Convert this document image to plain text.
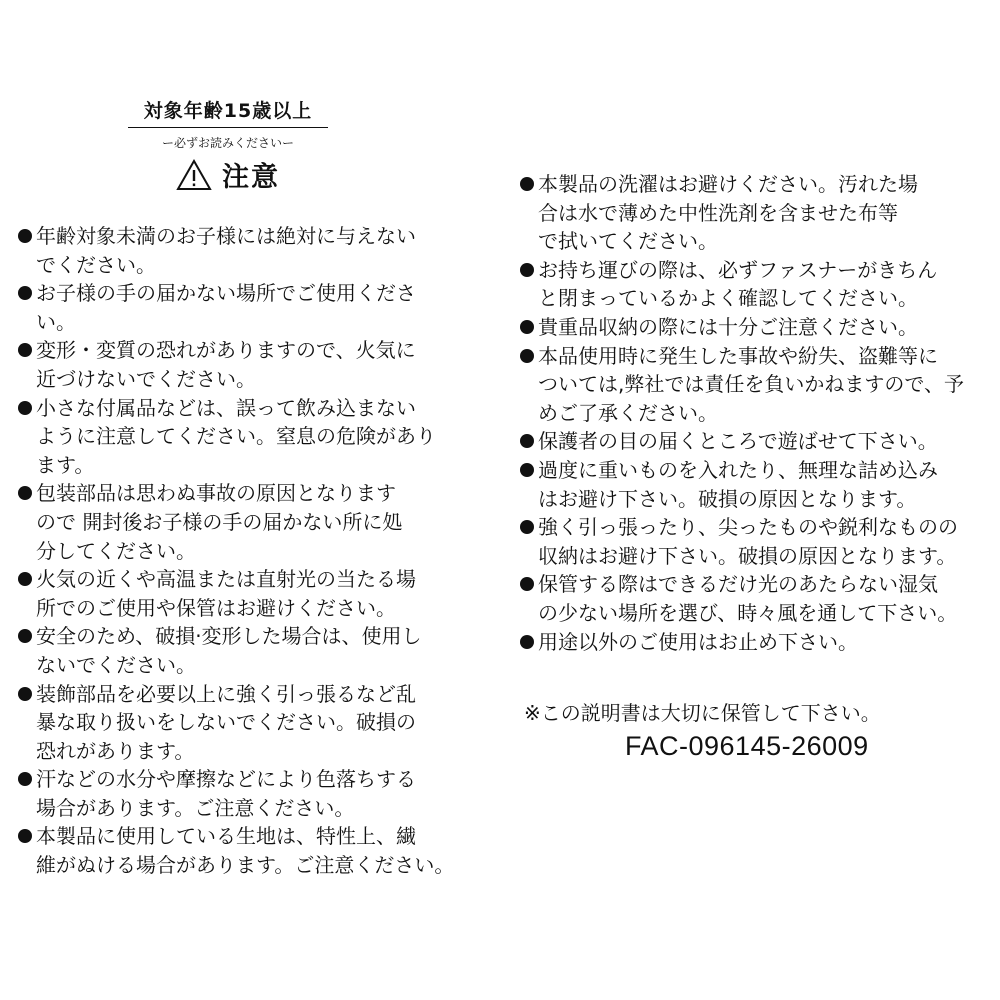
対象年齢15歳以上
ー必ずお読みくださいー
注意
年齢対象未満のお子様には絶対に与えない
でください。
お子様の手の届かない場所でご使用くださ
い。
変形・変質の恐れがありますので、火気に
近づけないでください。
小さな付属品などは、誤って飲み込まない
ように注意してください。窒息の危険があり
ます。
包装部品は思わぬ事故の原因となります
ので 開封後お子様の手の届かない所に処
分してください。
火気の近くや高温または直射光の当たる場
所でのご使用や保管はお避けください。
安全のため、破損·変形した場合は、使用し
ないでください。
装飾部品を必要以上に強く引っ張るなど乱
暴な取り扱いをしないでください。破損の
恐れがあります。
汗などの水分や摩擦などにより色落ちする
場合があります。ご注意ください。
本製品に使用している生地は、特性上、繊
維がぬける場合があります。ご注意ください。
本製品の洗濯はお避けください。汚れた場
合は水で薄めた中性洗剤を含ませた布等
で拭いてください。
お持ち運びの際は、必ずファスナーがきちん
と閉まっているかよく確認してください。
貴重品収納の際には十分ご注意ください。
本品使用時に発生した事故や紛失、盗難等に
ついては,弊社では責任を負いかねますので、予
めご了承ください。
保護者の目の届くところで遊ばせて下さい。
過度に重いものを入れたり、無理な詰め込み
はお避け下さい。破損の原因となります。
強く引っ張ったり、尖ったものや鋭利なものの
収納はお避け下さい。破損の原因となります。
保管する際はできるだけ光のあたらない湿気
の少ない場所を選び、時々風を通して下さい。
用途以外のご使用はお止め下さい。
※この説明書は大切に保管して下さい。
FAC-096145-26009
